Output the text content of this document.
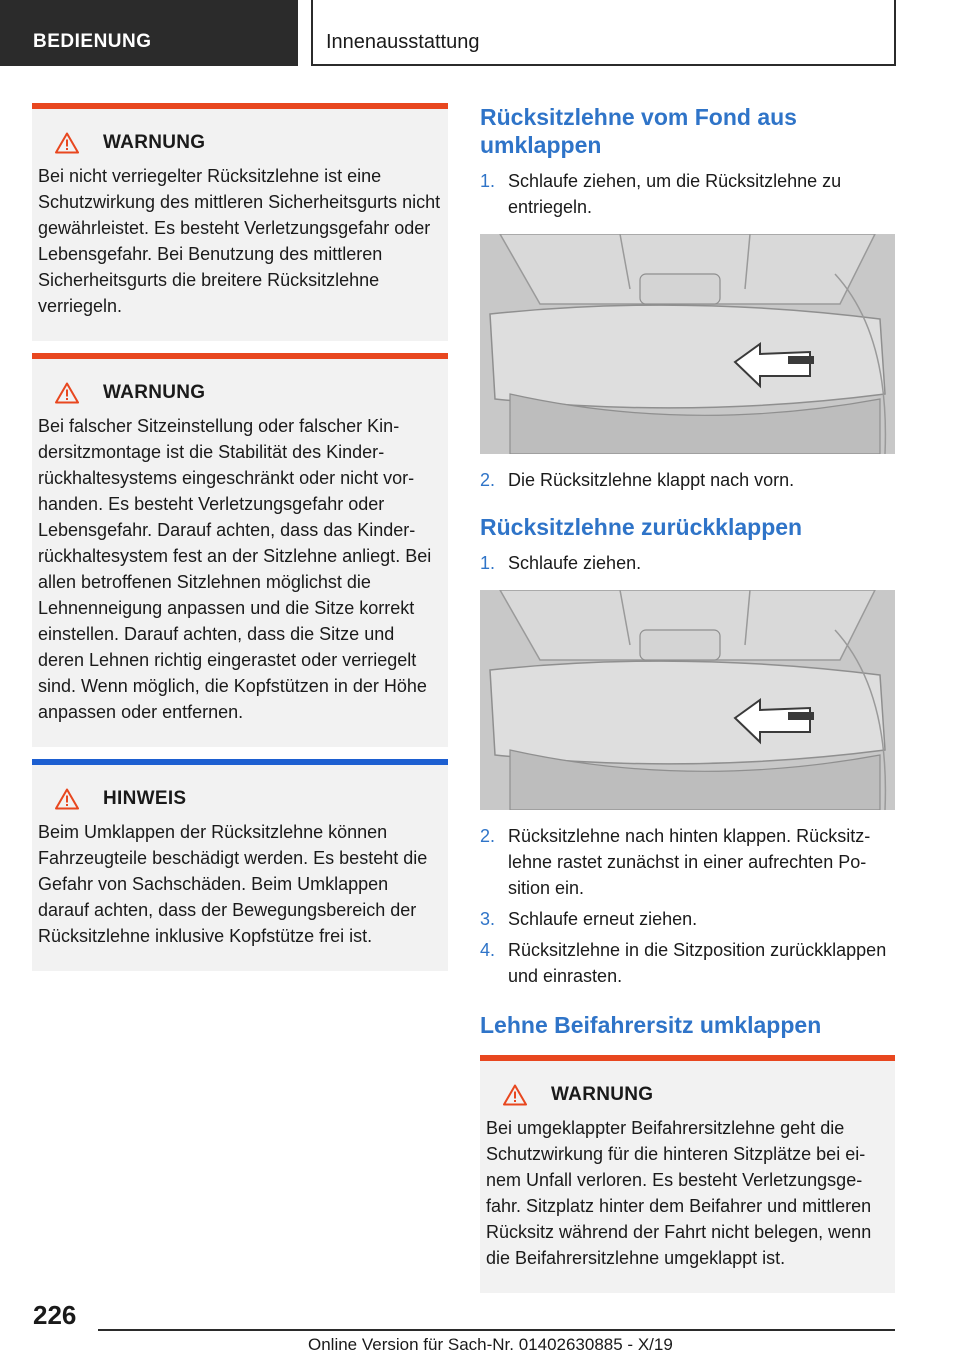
BEDIENUNG	Innenausstattung
WARNUNG
Bei nicht verriegelter Rücksitzlehne ist eine Schutzwirkung des mittleren Sicherheitsgurts nicht gewährleistet. Es besteht Verletzungsgefahr oder Lebensgefahr. Bei Benutzung des mittleren Sicherheitsgurts die breitere Rücksitzlehne verriegeln.
WARNUNG
Bei falscher Sitzeinstellung oder falscher Kindersitzmontage ist die Stabilität des Kinderrückhaltesystems eingeschränkt oder nicht vorhanden. Es besteht Verletzungsgefahr oder Lebensgefahr. Darauf achten, dass das Kinderrückhaltesystem fest an der Sitzlehne anliegt. Bei allen betroffenen Sitzlehnen möglichst die Lehnenneigung anpassen und die Sitze korrekt einstellen. Darauf achten, dass die Sitze und deren Lehnen richtig eingerastet oder verriegelt sind. Wenn möglich, die Kopfstützen in der Höhe anpassen oder entfernen.
HINWEIS
Beim Umklappen der Rücksitzlehne können Fahrzeugteile beschädigt werden. Es besteht die Gefahr von Sachschäden. Beim Umklappen darauf achten, dass der Bewegungsbereich der Rücksitzlehne inklusive Kopfstütze frei ist.
Rücksitzlehne vom Fond aus umklappen
1. Schlaufe ziehen, um die Rücksitzlehne zu entriegeln.
2. Die Rücksitzlehne klappt nach vorn.
Rücksitzlehne zurückklappen
1. Schlaufe ziehen.
2. Rücksitzlehne nach hinten klappen. Rücksitzlehne rastet zunächst in einer aufrechten Position ein.
3. Schlaufe erneut ziehen.
4. Rücksitzlehne in die Sitzposition zurückklappen und einrasten.
Lehne Beifahrersitz umklappen
WARNUNG
Bei umgeklappter Beifahrersitzlehne geht die Schutzwirkung für die hinteren Sitzplätze bei einem Unfall verloren. Es besteht Verletzungsgefahr. Sitzplatz hinter dem Beifahrer und mittleren Rücksitz während der Fahrt nicht belegen, wenn die Beifahrersitzlehne umgeklappt ist.
226
Online Version für Sach-Nr. 01402630885 - X/19
